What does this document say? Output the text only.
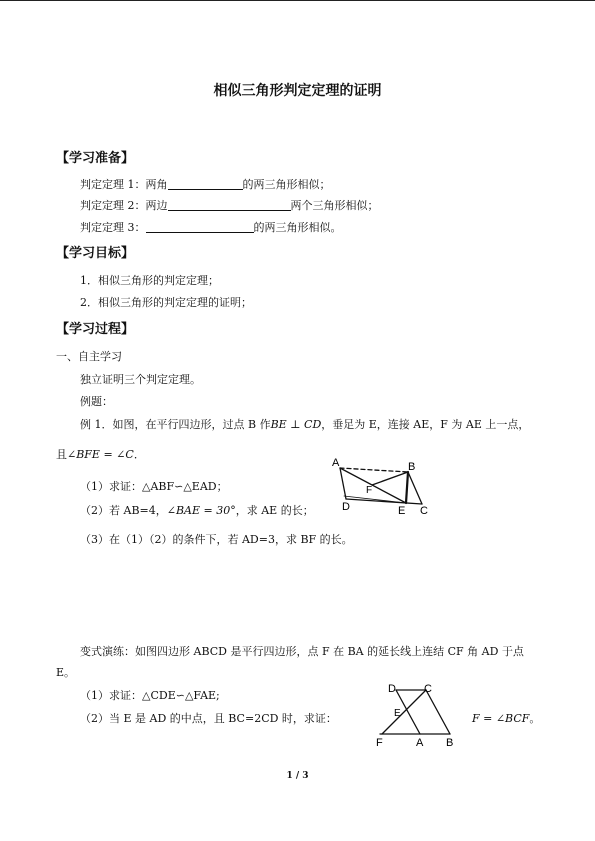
相似三角形判定定理的证明
【学习准备】
判定定理 1：两角	的两三角形相似；
判定定理 2：两边	两个三角形相似；
判定定理 3：	的两三角形相似。
【学习目标】
1．相似三角形的判定定理；
2．相似三角形的判定定理的证明；
【学习过程】
一、自主学习
独立证明三个判定定理。
例题：
例 1．如图，在平行四边形，过点 B 作BE ⊥ CD，垂足为 E，连接 AE，F 为 AE 上一点，
且∠BFE = ∠C．
（1）求证：△ABF∽△EAD；
（2）若 AB=4，∠BAE = 30°，求 AE 的长；
（3）在（1）（2）的条件下，若 AD=3，求 BF 的长。
A	B
C
D	E
F
变式演练：如图四边形 ABCD 是平行四边形，点 F 在 BA 的延长线上连结 CF 角 AD 于点
E。
（1）求证：△CDE∽△FAE;
（2）当 E 是 AD 的中点，且 BC=2CD 时，求证：	F = ∠BCF。
D	C
E
F	A B
1 / 3
